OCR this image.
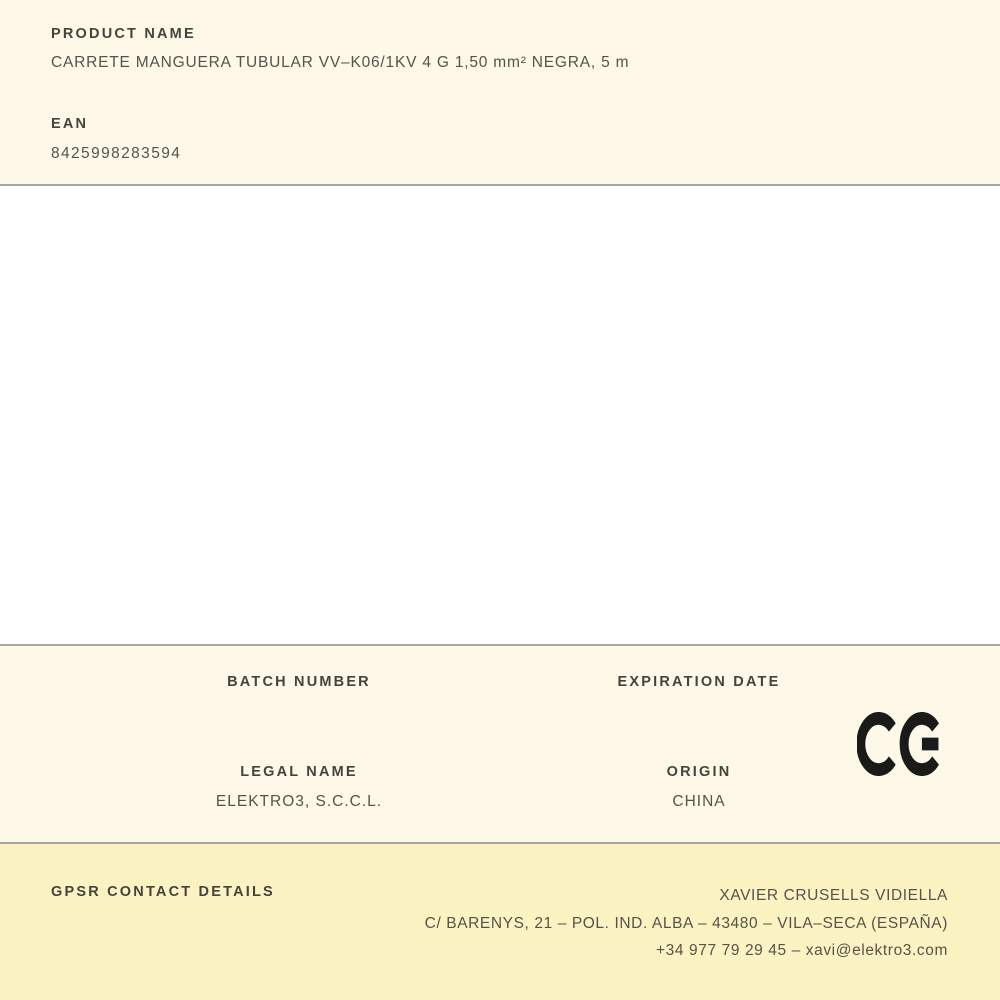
PRODUCT NAME
CARRETE MANGUERA TUBULAR VV–K06/1KV 4 G 1,50 mm² NEGRA, 5 m
EAN
8425998283594
BATCH NUMBER
LEGAL NAME
ELEKTRO3, S.C.C.L.
EXPIRATION DATE
ORIGIN
CHINA
GPSR CONTACT DETAILS	XAVIER CRUSELLS VIDIELLA
C/ BARENYS, 21 – POL. IND. ALBA – 43480 – VILA–SECA (ESPAÑA)
+34 977 79 29 45 – xavi@elektro3.com
